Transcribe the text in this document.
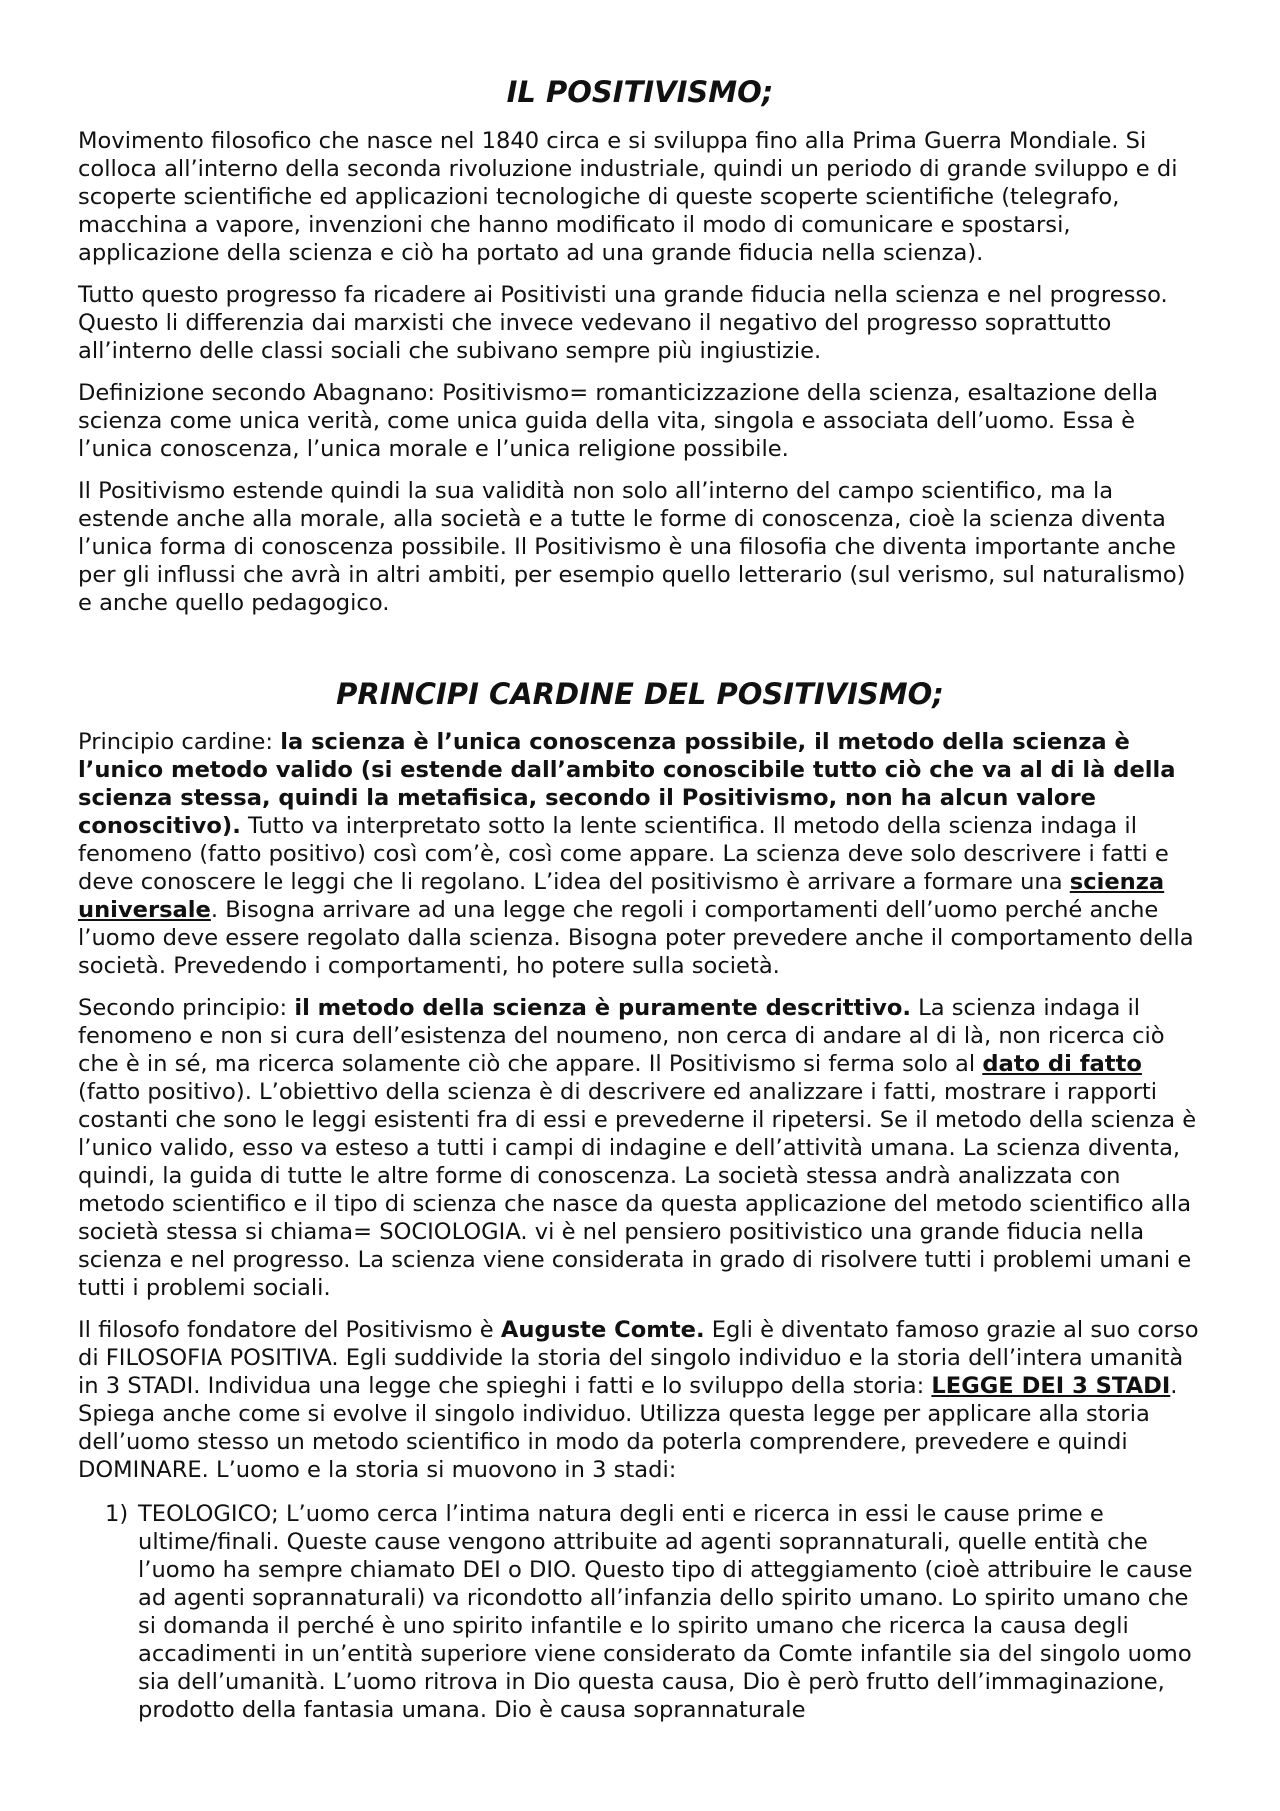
IL POSITIVISMO;

Movimento filosofico che nasce nel 1840 circa e si sviluppa fino alla Prima Guerra Mondiale. Si colloca all’interno della seconda rivoluzione industriale, quindi un periodo di grande sviluppo e di scoperte scientifiche ed applicazioni tecnologiche di queste scoperte scientifiche (telegrafo, macchina a vapore, invenzioni che hanno modificato il modo di comunicare e spostarsi, applicazione della scienza e ciò ha portato ad una grande fiducia nella scienza).

Tutto questo progresso fa ricadere ai Positivisti una grande fiducia nella scienza e nel progresso. Questo li differenzia dai marxisti che invece vedevano il negativo del progresso soprattutto all’interno delle classi sociali che subivano sempre più ingiustizie.

Definizione secondo Abagnano: Positivismo= romanticizzazione della scienza, esaltazione della scienza come unica verità, come unica guida della vita, singola e associata dell’uomo. Essa è l’unica conoscenza, l’unica morale e l’unica religione possibile.

Il Positivismo estende quindi la sua validità non solo all’interno del campo scientifico, ma la estende anche alla morale, alla società e a tutte le forme di conoscenza, cioè la scienza diventa l’unica forma di conoscenza possibile. Il Positivismo è una filosofia che diventa importante anche per gli influssi che avrà in altri ambiti, per esempio quello letterario (sul verismo, sul naturalismo) e anche quello pedagogico.

PRINCIPI CARDINE DEL POSITIVISMO;

Principio cardine: la scienza è l’unica conoscenza possibile, il metodo della scienza è l’unico metodo valido (si estende dall’ambito conoscibile tutto ciò che va al di là della scienza stessa, quindi la metafisica, secondo il Positivismo, non ha alcun valore conoscitivo). Tutto va interpretato sotto la lente scientifica. Il metodo della scienza indaga il fenomeno (fatto positivo) così com’è, così come appare. La scienza deve solo descrivere i fatti e deve conoscere le leggi che li regolano. L’idea del positivismo è arrivare a formare una scienza universale. Bisogna arrivare ad una legge che regoli i comportamenti dell’uomo perché anche l’uomo deve essere regolato dalla scienza. Bisogna poter prevedere anche il comportamento della società. Prevedendo i comportamenti, ho potere sulla società.

Secondo principio: il metodo della scienza è puramente descrittivo. La scienza indaga il fenomeno e non si cura dell’esistenza del noumeno, non cerca di andare al di là, non ricerca ciò che è in sé, ma ricerca solamente ciò che appare. Il Positivismo si ferma solo al dato di fatto (fatto positivo). L’obiettivo della scienza è di descrivere ed analizzare i fatti, mostrare i rapporti costanti che sono le leggi esistenti fra di essi e prevederne il ripetersi. Se il metodo della scienza è l’unico valido, esso va esteso a tutti i campi di indagine e dell’attività umana. La scienza diventa, quindi, la guida di tutte le altre forme di conoscenza. La società stessa andrà analizzata con metodo scientifico e il tipo di scienza che nasce da questa applicazione del metodo scientifico alla società stessa si chiama= SOCIOLOGIA. vi è nel pensiero positivistico una grande fiducia nella scienza e nel progresso. La scienza viene considerata in grado di risolvere tutti i problemi umani e tutti i problemi sociali.

Il filosofo fondatore del Positivismo è Auguste Comte. Egli è diventato famoso grazie al suo corso di FILOSOFIA POSITIVA. Egli suddivide la storia del singolo individuo e la storia dell’intera umanità in 3 STADI. Individua una legge che spieghi i fatti e lo sviluppo della storia: LEGGE DEI 3 STADI. Spiega anche come si evolve il singolo individuo. Utilizza questa legge per applicare alla storia dell’uomo stesso un metodo scientifico in modo da poterla comprendere, prevedere e quindi DOMINARE. L’uomo e la storia si muovono in 3 stadi:

1) TEOLOGICO; L’uomo cerca l’intima natura degli enti e ricerca in essi le cause prime e ultime/finali. Queste cause vengono attribuite ad agenti soprannaturali, quelle entità che l’uomo ha sempre chiamato DEI o DIO. Questo tipo di atteggiamento (cioè attribuire le cause ad agenti soprannaturali) va ricondotto all’infanzia dello spirito umano. Lo spirito umano che si domanda il perché è uno spirito infantile e lo spirito umano che ricerca la causa degli accadimenti in un’entità superiore viene considerato da Comte infantile sia del singolo uomo sia dell’umanità. L’uomo ritrova in Dio questa causa, Dio è però frutto dell’immaginazione, prodotto della fantasia umana. Dio è causa soprannaturale
